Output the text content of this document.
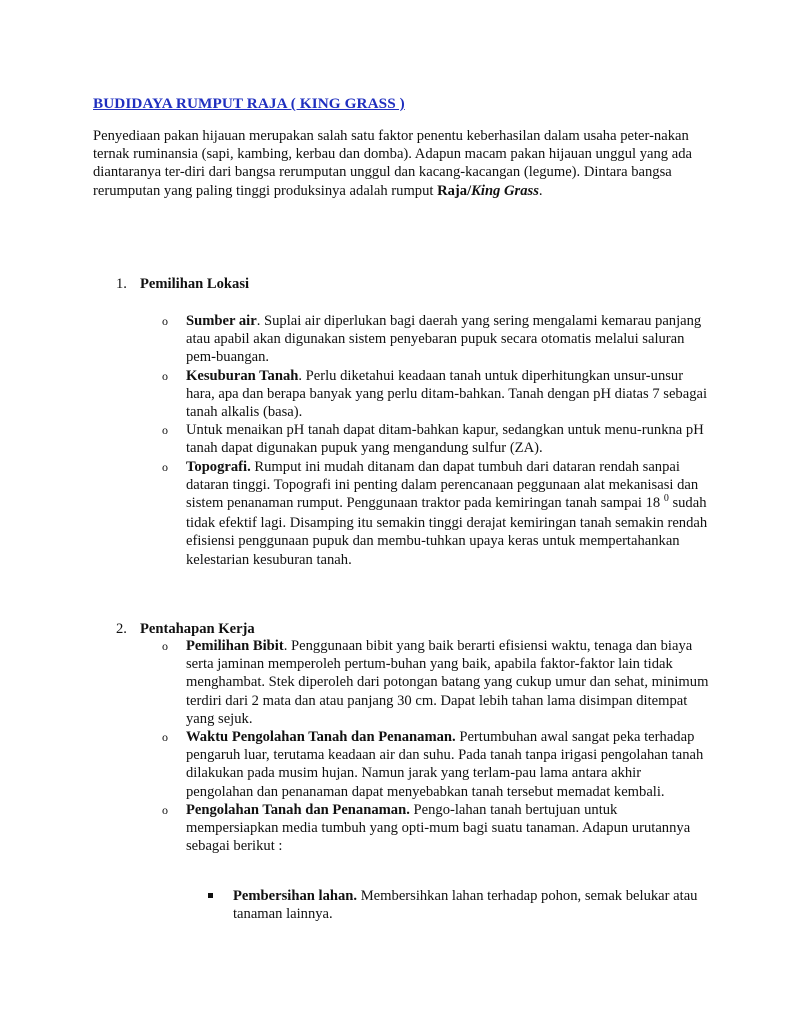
BUDIDAYA RUMPUT RAJA ( KING GRASS )

Penyediaan pakan hijauan merupakan salah satu faktor penentu keberhasilan dalam usaha peter-nakan ternak ruminansia (sapi, kambing, kerbau dan domba). Adapun macam pakan hijauan unggul yang ada diantaranya ter-diri dari bangsa rerumputan unggul dan kacang-kacangan (legume). Dintara bangsa rerumputan yang paling tinggi produksinya adalah rumput Raja/King Grass.

1. Pemilihan Lokasi
o Sumber air. Suplai air diperlukan bagi daerah yang sering mengalami kemarau panjang atau apabil akan digunakan sistem penyebaran pupuk secara otomatis melalui saluran pem-buangan.
o Kesuburan Tanah. Perlu diketahui keadaan tanah untuk diperhitungkan unsur-unsur hara, apa dan berapa banyak yang perlu ditam-bahkan. Tanah dengan pH diatas 7 sebagai tanah alkalis (basa).
o Untuk menaikan pH tanah dapat ditam-bahkan kapur, sedangkan untuk menu-runkna pH tanah dapat digunakan pupuk yang mengandung sulfur (ZA).
o Topografi. Rumput ini mudah ditanam dan dapat tumbuh dari dataran rendah sanpai dataran tinggi. Topografi ini penting dalam perencanaan peggunaan alat mekanisasi dan sistem penanaman rumput. Penggunaan traktor pada kemiringan tanah sampai 18 $^0$ sudah tidak efektif lagi. Disamping itu semakin tinggi derajat kemiringan tanah semakin rendah efisiensi penggunaan pupuk dan membu-tuhkan upaya keras untuk mempertahankan kelestarian kesuburan tanah.
2. Pentahapan Kerja
o Pemilihan Bibit. Penggunaan bibit yang baik berarti efisiensi waktu, tenaga dan biaya serta jaminan memperoleh pertum-buhan yang baik, apabila faktor-faktor lain tidak menghambat. Stek diperoleh dari potongan batang yang cukup umur dan sehat, minimum terdiri dari 2 mata dan atau panjang 30 cm. Dapat lebih tahan lama disimpan ditempat yang sejuk.
o Waktu Pengolahan Tanah dan Penanaman. Pertumbuhan awal sangat peka terhadap pengaruh luar, terutama keadaan air dan suhu. Pada tanah tanpa irigasi pengolahan tanah dilakukan pada musim hujan. Namun jarak yang terlam-pau lama antara akhir pengolahan dan penanaman dapat menyebabkan tanah tersebut memadat kembali.
o Pengolahan Tanah dan Penanaman. Pengo-lahan tanah bertujuan untuk mempersiapkan media tumbuh yang opti-mum bagi suatu tanaman. Adapun urutannya sebagai berikut :
Pembersihan lahan. Membersihkan lahan terhadap pohon, semak belukar atau tanaman lainnya.
